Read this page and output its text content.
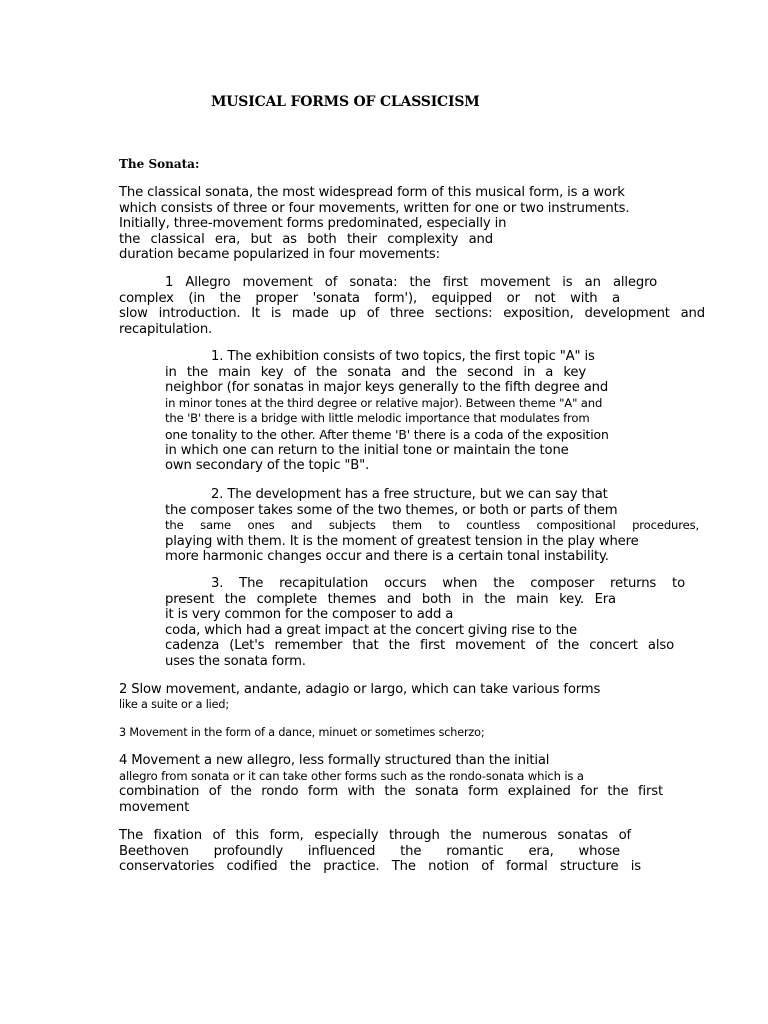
MUSICAL FORMS OF CLASSICISM
The Sonata:
The classical sonata, the most widespread form of this musical form, is a work
which consists of three or four movements, written for one or two instruments.
Initially, three-movement forms predominated, especially in
the classical era, but as both their complexity and
duration became popularized in four movements:
1 Allegro movement of sonata: the first movement is an allegro
complex (in the proper 'sonata form'), equipped or not with a
slow introduction. It is made up of three sections: exposition, development and
recapitulation.
1. The exhibition consists of two topics, the first topic "A" is
in the main key of the sonata and the second in a key
neighbor (for sonatas in major keys generally to the fifth degree and
in minor tones at the third degree or relative major). Between theme "A" and
the 'B' there is a bridge with little melodic importance that modulates from
one tonality to the other. After theme 'B' there is a coda of the exposition
in which one can return to the initial tone or maintain the tone
own secondary of the topic "B".
2. The development has a free structure, but we can say that
the composer takes some of the two themes, or both or parts of them
the same ones and subjects them to countless compositional procedures,
playing with them. It is the moment of greatest tension in the play where
more harmonic changes occur and there is a certain tonal instability.
3. The recapitulation occurs when the composer returns to
present the complete themes and both in the main key. Era
it is very common for the composer to add a
coda, which had a great impact at the concert giving rise to the
cadenza (Let's remember that the first movement of the concert also
uses the sonata form.
2 Slow movement, andante, adagio or largo, which can take various forms
like a suite or a lied;
3 Movement in the form of a dance, minuet or sometimes scherzo;
4 Movement a new allegro, less formally structured than the initial
allegro from sonata or it can take other forms such as the rondo-sonata which is a
combination of the rondo form with the sonata form explained for the first
movement
The fixation of this form, especially through the numerous sonatas of
Beethoven profoundly influenced the romantic era, whose
conservatories codified the practice. The notion of formal structure is
